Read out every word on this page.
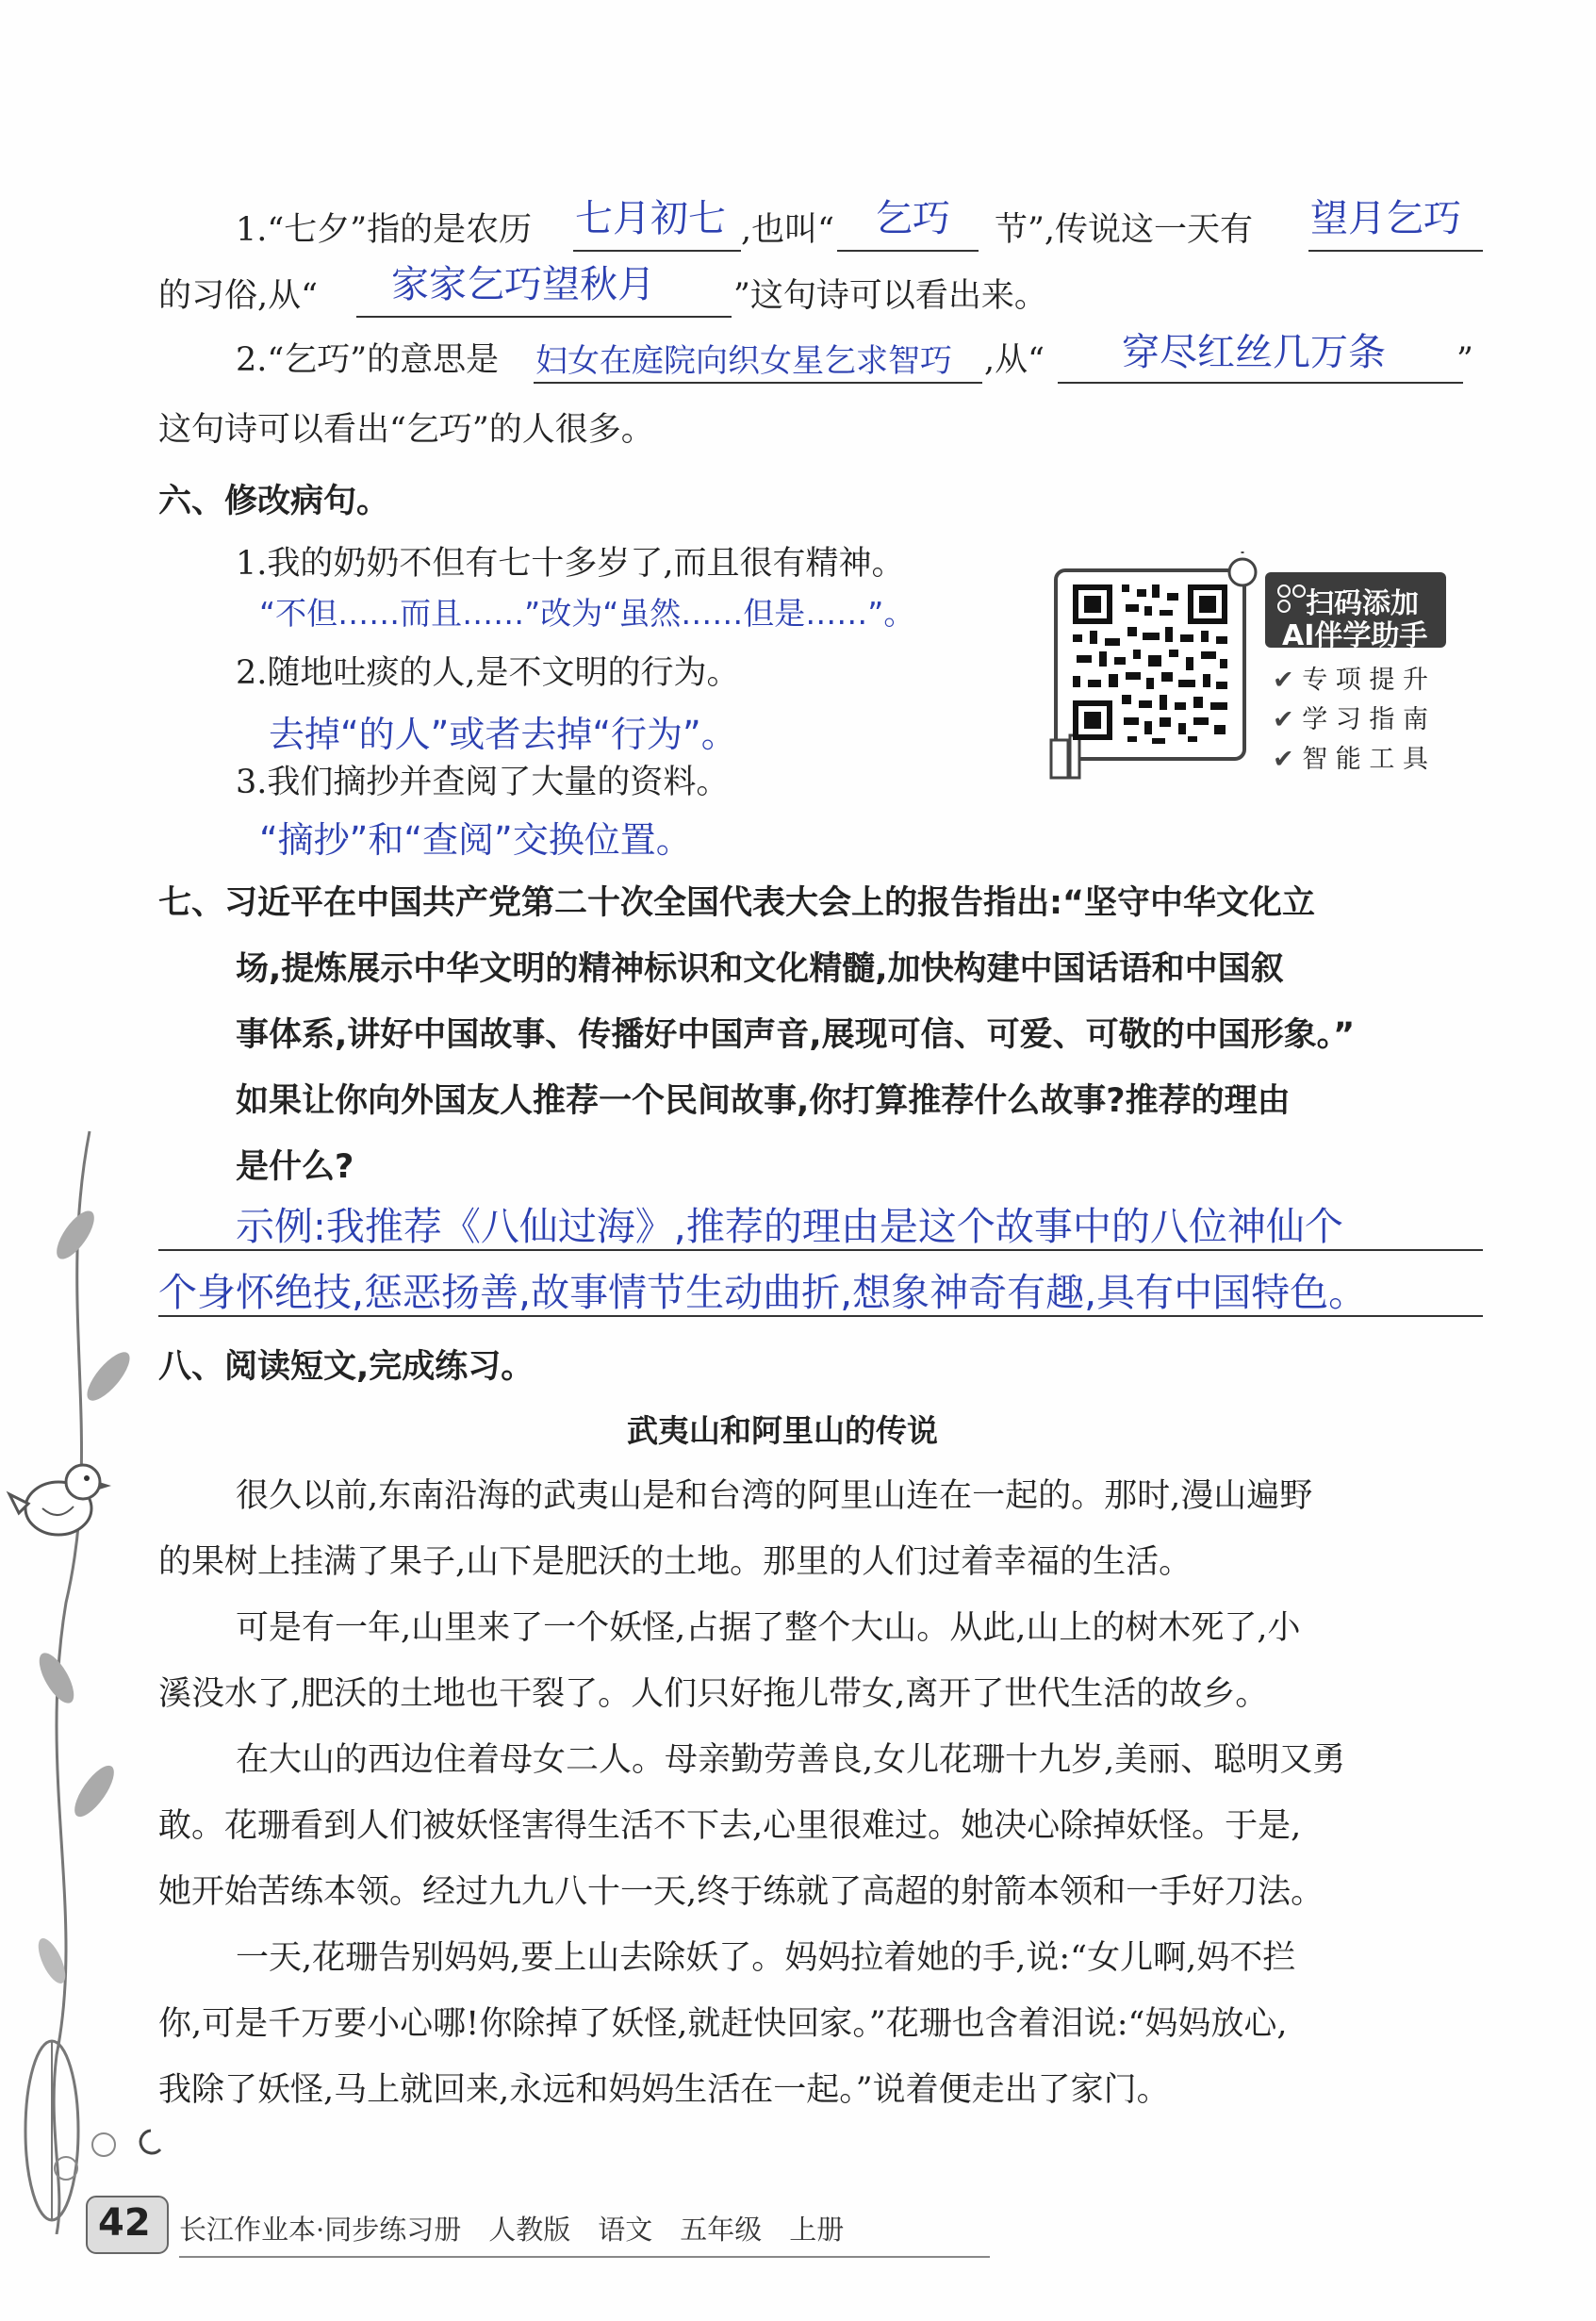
1.“七夕”指的是农历 七月初七 ,也叫“ 乞巧 节”,传说这一天有 望月乞巧
的习俗,从“ 家家乞巧望秋月 ”这句诗可以看出来。
2.“乞巧”的意思是 妇女在庭院向织女星乞求智巧 ,从“ 穿尽红丝几万条 ”
这句诗可以看出“乞巧”的人很多。
六、修改病句。
1.我的奶奶不但有七十多岁了,而且很有精神。
“不但……而且……”改为“虽然……但是……”。
2.随地吐痰的人,是不文明的行为。
去掉“的人”或者去掉“行为”。
3.我们摘抄并查阅了大量的资料。
“摘抄”和“查阅”交换位置。
扫码添加
AI伴学助手
✔ 专 项 提 升
✔ 学 习 指 南
✔ 智 能 工 具
七、习近平在中国共产党第二十次全国代表大会上的报告指出:“坚守中华文化立
场,提炼展示中华文明的精神标识和文化精髓,加快构建中国话语和中国叙
事体系,讲好中国故事、传播好中国声音,展现可信、可爱、可敬的中国形象。”
如果让你向外国友人推荐一个民间故事,你打算推荐什么故事?推荐的理由
是什么?
示例:我推荐《八仙过海》,推荐的理由是这个故事中的八位神仙个
个身怀绝技,惩恶扬善,故事情节生动曲折,想象神奇有趣,具有中国特色。
八、阅读短文,完成练习。
武夷山和阿里山的传说
很久以前,东南沿海的武夷山是和台湾的阿里山连在一起的。那时,漫山遍野
的果树上挂满了果子,山下是肥沃的土地。那里的人们过着幸福的生活。
可是有一年,山里来了一个妖怪,占据了整个大山。从此,山上的树木死了,小
溪没水了,肥沃的土地也干裂了。人们只好拖儿带女,离开了世代生活的故乡。
在大山的西边住着母女二人。母亲勤劳善良,女儿花珊十九岁,美丽、聪明又勇
敢。花珊看到人们被妖怪害得生活不下去,心里很难过。她决心除掉妖怪。于是,
她开始苦练本领。经过九九八十一天,终于练就了高超的射箭本领和一手好刀法。
一天,花珊告别妈妈,要上山去除妖了。妈妈拉着她的手,说:“女儿啊,妈不拦
你,可是千万要小心哪!你除掉了妖怪,就赶快回家。”花珊也含着泪说:“妈妈放心,
我除了妖怪,马上就回来,永远和妈妈生活在一起。”说着便走出了家门。
42 长江作业本·同步练习册　人教版　语文　五年级　上册
